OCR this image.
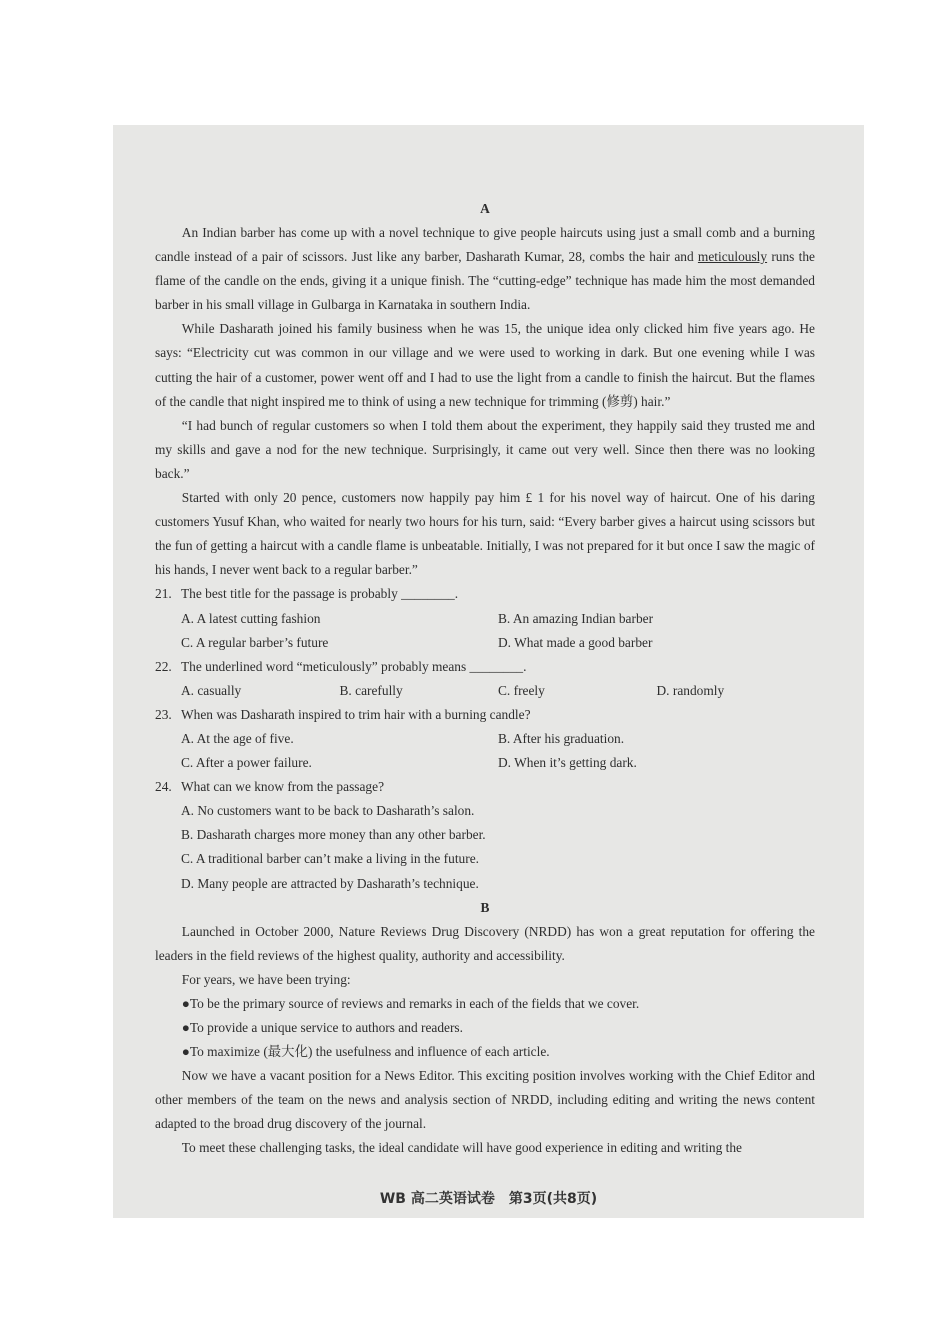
A

An Indian barber has come up with a novel technique to give people haircuts using just a small comb and a burning candle instead of a pair of scissors. Just like any barber, Dasharath Kumar, 28, combs the hair and meticulously runs the flame of the candle on the ends, giving it a unique finish. The “cutting-edge” technique has made him the most demanded barber in his small village in Gulbarga in Karnataka in southern India.

While Dasharath joined his family business when he was 15, the unique idea only clicked him five years ago. He says: “Electricity cut was common in our village and we were used to working in dark. But one evening while I was cutting the hair of a customer, power went off and I had to use the light from a candle to finish the haircut. But the flames of the candle that night inspired me to think of using a new technique for trimming (修剪) hair.”

“I had bunch of regular customers so when I told them about the experiment, they happily said they trusted me and my skills and gave a nod for the new technique. Surprisingly, it came out very well. Since then there was no looking back.”

Started with only 20 pence, customers now happily pay him £ 1 for his novel way of haircut. One of his daring customers Yusuf Khan, who waited for nearly two hours for his turn, said: “Every barber gives a haircut using scissors but the fun of getting a haircut with a candle flame is unbeatable. Initially, I was not prepared for it but once I saw the magic of his hands, I never went back to a regular barber.”

21. The best title for the passage is probably ________.
A. A latest cutting fashion	B. An amazing Indian barber
C. A regular barber’s future	D. What made a good barber
22. The underlined word “meticulously” probably means ________.
A. casually	B. carefully	C. freely	D. randomly
23. When was Dasharath inspired to trim hair with a burning candle?
A. At the age of five.	B. After his graduation.
C. After a power failure.	D. When it’s getting dark.
24. What can we know from the passage?
A. No customers want to be back to Dasharath’s salon.
B. Dasharath charges more money than any other barber.
C. A traditional barber can’t make a living in the future.
D. Many people are attracted by Dasharath’s technique.
B

Launched in October 2000, Nature Reviews Drug Discovery (NRDD) has won a great reputation for offering the leaders in the field reviews of the highest quality, authority and accessibility.

For years, we have been trying:

●To be the primary source of reviews and remarks in each of the fields that we cover.
●To provide a unique service to authors and readers.
●To maximize (最大化) the usefulness and influence of each article.

Now we have a vacant position for a News Editor. This exciting position involves working with the Chief Editor and other members of the team on the news and analysis section of NRDD, including editing and writing the news content adapted to the broad drug discovery of the journal.

To meet these challenging tasks, the ideal candidate will have good experience in editing and writing the

WB 高二英语试卷　第3页(共8页)
